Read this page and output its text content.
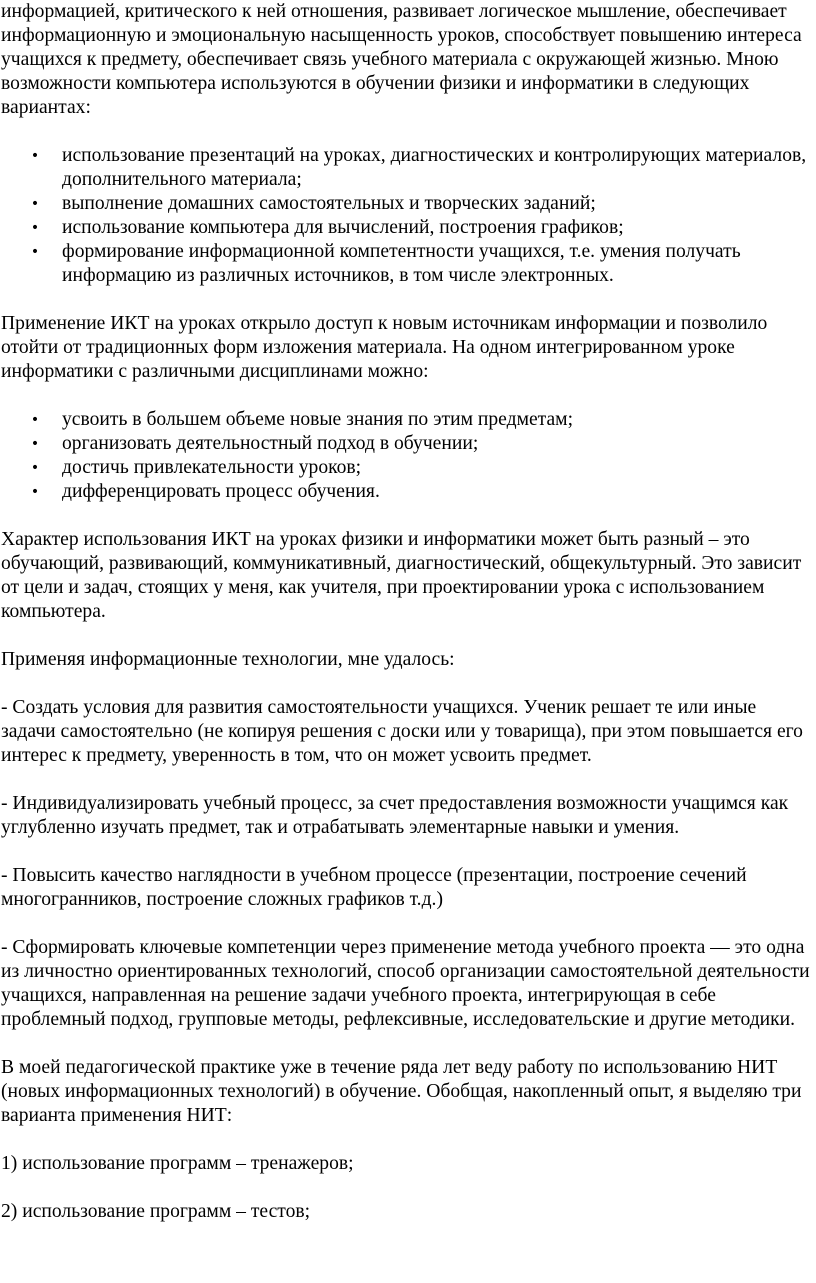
информацией, критического к ней отношения, развивает логическое мышление, обеспечивает информационную и эмоциональную насыщенность уроков, способствует повышению интереса учащихся к предмету, обеспечивает связь учебного материала с окружающей жизнью. Мною возможности компьютера используются в обучении физики и информатики в следующих вариантах:

• использование презентаций на уроках, диагностических и контролирующих материалов, дополнительного материала;
• выполнение домашних самостоятельных и творческих заданий;
• использование компьютера для вычислений, построения графиков;
• формирование информационной компетентности учащихся, т.е. умения получать информацию из различных источников, в том числе электронных.

Применение ИКТ на уроках открыло доступ к новым источникам информации и позволило отойти от традиционных форм изложения материала. На одном интегрированном уроке информатики с различными дисциплинами можно:

• усвоить в большем объеме новые знания по этим предметам;
• организовать деятельностный подход в обучении;
• достичь привлекательности уроков;
• дифференцировать процесс обучения.

Характер использования ИКТ на уроках физики и информатики может быть разный – это обучающий, развивающий, коммуникативный, диагностический, общекультурный. Это зависит от цели и задач, стоящих у меня, как учителя, при проектировании урока с использованием компьютера.

Применяя информационные технологии, мне удалось:

- Создать условия для развития самостоятельности учащихся. Ученик решает те или иные задачи самостоятельно (не копируя решения с доски или у товарища), при этом повышается его интерес к предмету, уверенность в том, что он может усвоить предмет.

- Индивидуализировать учебный процесс, за счет предоставления возможности учащимся как углубленно изучать предмет, так и отрабатывать элементарные навыки и умения.

- Повысить качество наглядности в учебном процессе (презентации, построение сечений многогранников, построение сложных графиков т.д.)

- Сформировать ключевые компетенции через применение метода учебного проекта — это одна из личностно ориентированных технологий, способ организации самостоятельной деятельности учащихся, направленная на решение задачи учебного проекта, интегрирующая в себе проблемный подход, групповые методы, рефлексивные, исследовательские и другие методики.

В моей педагогической практике уже в течение ряда лет веду работу по использованию НИТ (новых информационных технологий) в обучение. Обобщая, накопленный опыт, я выделяю три варианта применения НИТ:

1) использование программ – тренажеров;

2) использование программ – тестов;
